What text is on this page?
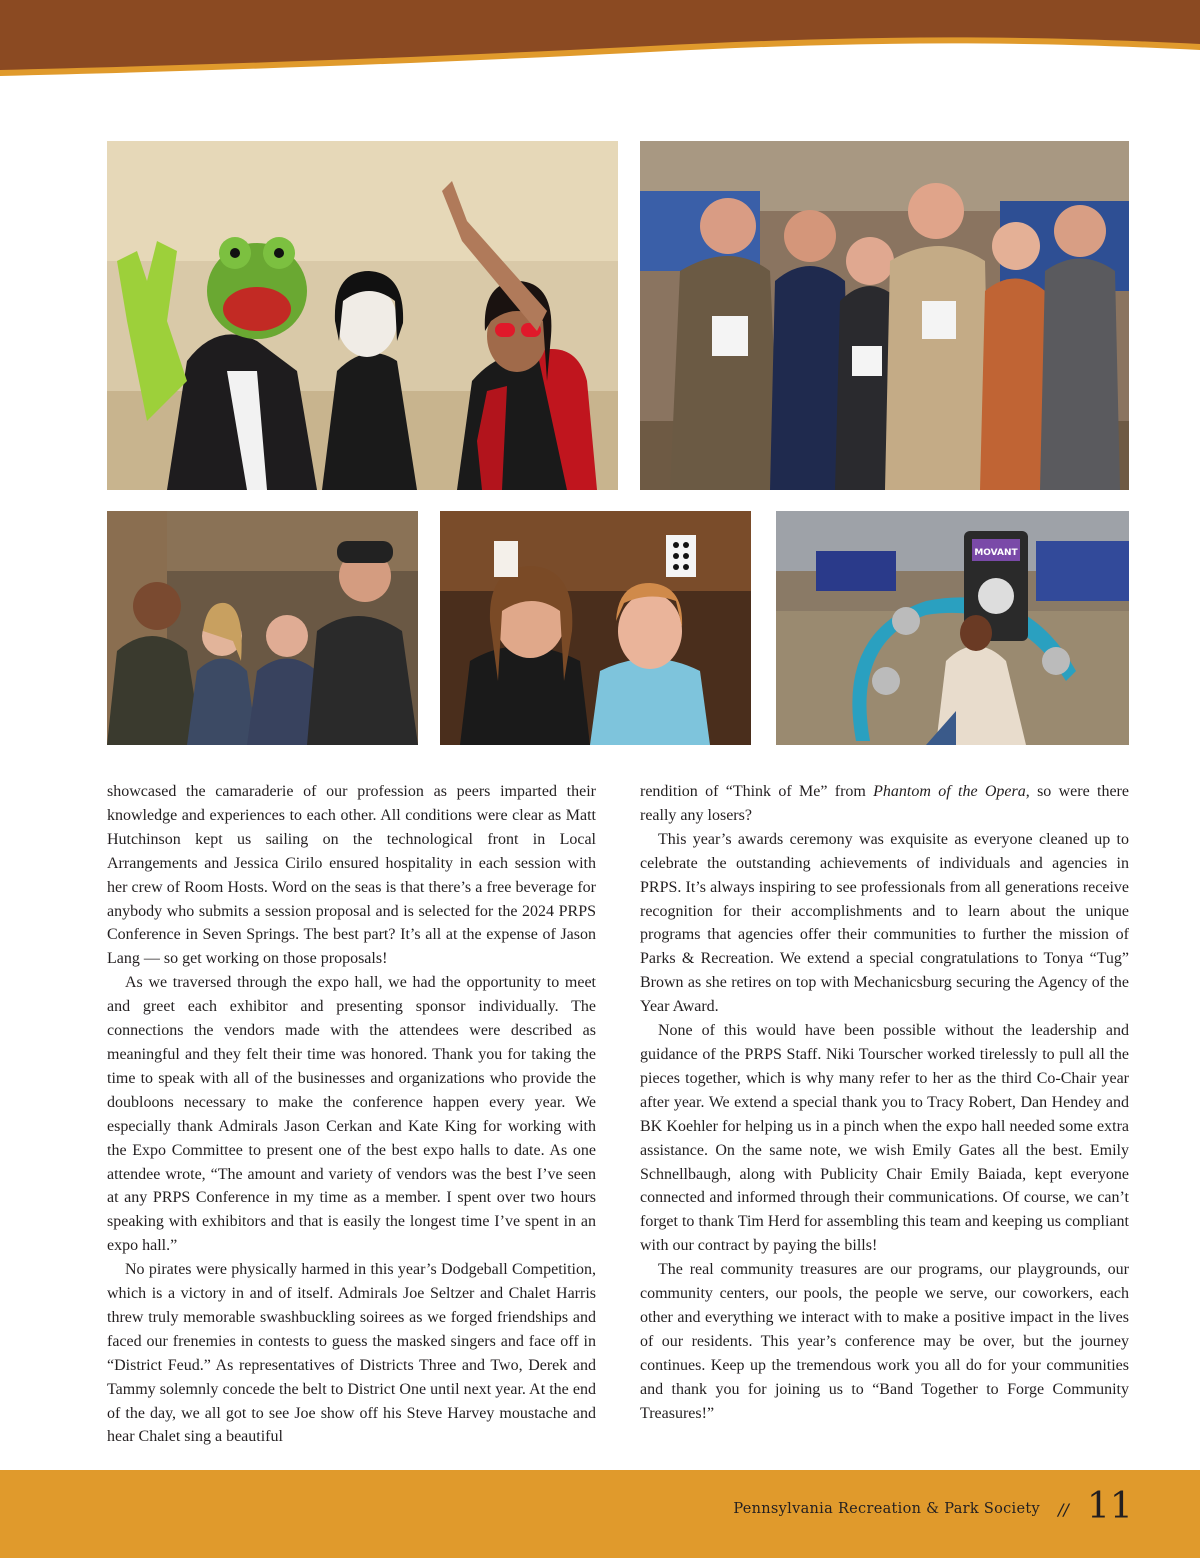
MOVANT

showcased the camaraderie of our profession as peers imparted their knowledge and experiences to each other. All conditions were clear as Matt Hutchinson kept us sailing on the technological front in Local Arrangements and Jessica Cirilo ensured hospitality in each session with her crew of Room Hosts. Word on the seas is that there’s a free beverage for anybody who submits a session proposal and is selected for the 2024 PRPS Conference in Seven Springs. The best part? It’s all at the expense of Jason Lang — so get working on those proposals!

As we traversed through the expo hall, we had the opportunity to meet and greet each exhibitor and presenting sponsor individually. The connections the vendors made with the attendees were described as meaningful and they felt their time was honored. Thank you for taking the time to speak with all of the businesses and organizations who provide the doubloons necessary to make the conference happen every year. We especially thank Admirals Jason Cerkan and Kate King for working with the Expo Committee to present one of the best expo halls to date. As one attendee wrote, “The amount and variety of vendors was the best I’ve seen at any PRPS Conference in my time as a member. I spent over two hours speaking with exhibitors and that is easily the longest time I’ve spent in an expo hall.”

No pirates were physically harmed in this year’s Dodgeball Competition, which is a victory in and of itself. Admirals Joe Seltzer and Chalet Harris threw truly memorable swashbuckling soirees as we forged friendships and faced our frenemies in contests to guess the masked singers and face off in “District Feud.” As representatives of Districts Three and Two, Derek and Tammy solemnly concede the belt to District One until next year. At the end of the day, we all got to see Joe show off his Steve Harvey moustache and hear Chalet sing a beautiful

rendition of “Think of Me” from Phantom of the Opera, so were there really any losers?

This year’s awards ceremony was exquisite as everyone cleaned up to celebrate the outstanding achievements of individuals and agencies in PRPS. It’s always inspiring to see professionals from all generations receive recognition for their accomplishments and to learn about the unique programs that agencies offer their communities to further the mission of Parks & Recreation. We extend a special congratulations to Tonya “Tug” Brown as she retires on top with Mechanicsburg securing the Agency of the Year Award.

None of this would have been possible without the leadership and guidance of the PRPS Staff. Niki Tourscher worked tirelessly to pull all the pieces together, which is why many refer to her as the third Co-Chair year after year. We extend a special thank you to Tracy Robert, Dan Hendey and BK Koehler for helping us in a pinch when the expo hall needed some extra assistance. On the same note, we wish Emily Gates all the best. Emily Schnellbaugh, along with Publicity Chair Emily Baiada, kept everyone connected and informed through their communications. Of course, we can’t forget to thank Tim Herd for assembling this team and keeping us compliant with our contract by paying the bills!

The real community treasures are our programs, our playgrounds, our community centers, our pools, the people we serve, our coworkers, each other and everything we interact with to make a positive impact in the lives of our residents. This year’s conference may be over, but the journey continues. Keep up the tremendous work you all do for your communities and thank you for joining us to “Band Together to Forge Community Treasures!”

Pennsylvania Recreation & Park Society // 11
